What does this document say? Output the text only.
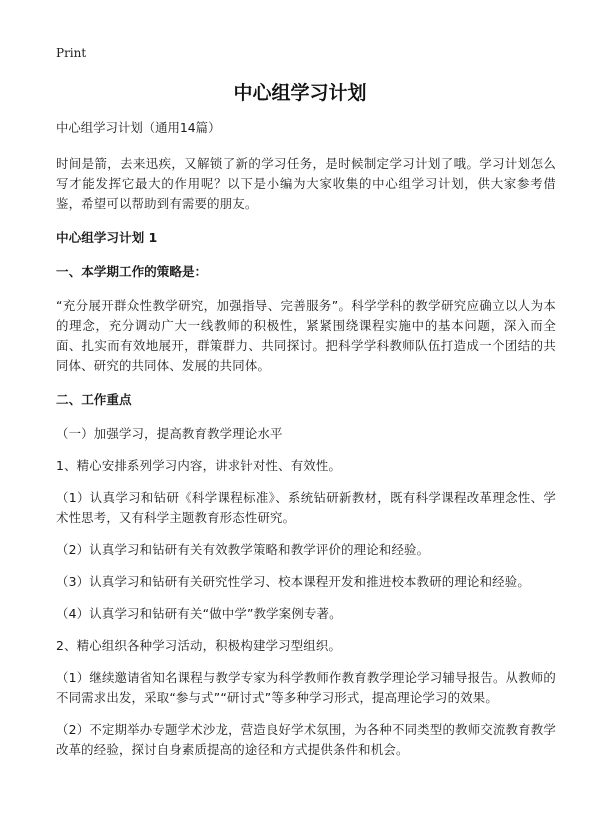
Print
中心组学习计划

中心组学习计划（通用14篇）

时间是箭，去来迅疾，又解锁了新的学习任务，是时候制定学习计划了哦。学习计划怎么写才能发挥它最大的作用呢？以下是小编为大家收集的中心组学习计划，供大家参考借鉴，希望可以帮助到有需要的朋友。

中心组学习计划 1

一、本学期工作的策略是：

“充分展开群众性教学研究，加强指导、完善服务”。科学学科的教学研究应确立以人为本的理念，充分调动广大一线教师的积极性，紧紧围绕课程实施中的基本问题，深入而全面、扎实而有效地展开，群策群力、共同探讨。把科学学科教师队伍打造成一个团结的共同体、研究的共同体、发展的共同体。

二、工作重点

（一）加强学习，提高教育教学理论水平

1、精心安排系列学习内容，讲求针对性、有效性。

（1）认真学习和钻研《科学课程标准》、系统钻研新教材，既有科学课程改革理念性、学术性思考，又有科学主题教育形态性研究。

（2）认真学习和钻研有关有效教学策略和教学评价的理论和经验。

（3）认真学习和钻研有关研究性学习、校本课程开发和推进校本教研的理论和经验。

（4）认真学习和钻研有关“做中学”教学案例专著。

2、精心组织各种学习活动，积极构建学习型组织。

（1）继续邀请省知名课程与教学专家为科学教师作教育教学理论学习辅导报告。从教师的不同需求出发，采取“参与式”“研讨式”等多种学习形式，提高理论学习的效果。

（2）不定期举办专题学术沙龙，营造良好学术氛围，为各种不同类型的教师交流教育教学改革的经验，探讨自身素质提高的途径和方式提供条件和机会。
